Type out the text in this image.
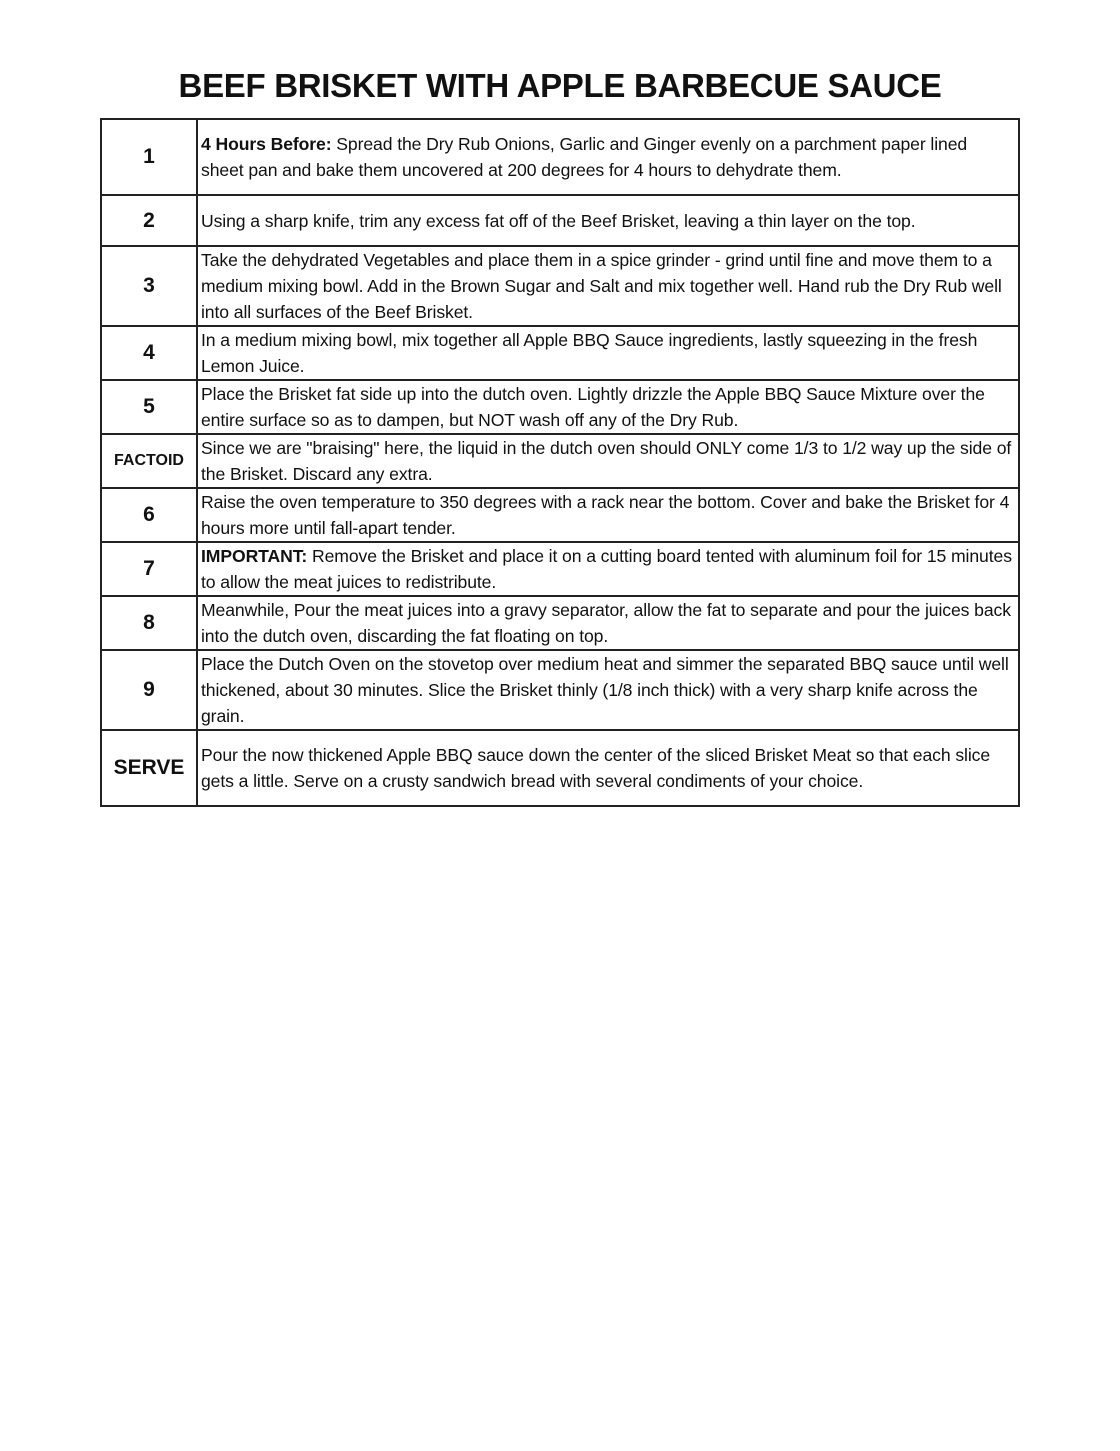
BEEF BRISKET WITH APPLE BARBECUE SAUCE
1	4 Hours Before: Spread the Dry Rub Onions, Garlic and Ginger evenly on a parchment paper lined sheet pan and bake them uncovered at 200 degrees for 4 hours to dehydrate them.
2	Using a sharp knife, trim any excess fat off of the Beef Brisket, leaving a thin layer on the top.
3	Take the dehydrated Vegetables and place them in a spice grinder - grind until fine and move them to a medium mixing bowl. Add in the Brown Sugar and Salt and mix together well. Hand rub the Dry Rub well into all surfaces of the Beef Brisket.
4	In a medium mixing bowl, mix together all Apple BBQ Sauce ingredients, lastly squeezing in the fresh Lemon Juice.
5	Place the Brisket fat side up into the dutch oven. Lightly drizzle the Apple BBQ Sauce Mixture over the entire surface so as to dampen, but NOT wash off any of the Dry Rub.
FACTOID	Since we are "braising" here, the liquid in the dutch oven should ONLY come 1/3 to 1/2 way up the side of the Brisket. Discard any extra.
6	Raise the oven temperature to 350 degrees with a rack near the bottom. Cover and bake the Brisket for 4 hours more until fall-apart tender.
7	IMPORTANT: Remove the Brisket and place it on a cutting board tented with aluminum foil for 15 minutes to allow the meat juices to redistribute.
8	Meanwhile, Pour the meat juices into a gravy separator, allow the fat to separate and pour the juices back into the dutch oven, discarding the fat floating on top.
9	Place the Dutch Oven on the stovetop over medium heat and simmer the separated BBQ sauce until well thickened, about 30 minutes. Slice the Brisket thinly (1/8 inch thick) with a very sharp knife across the grain.
SERVE	Pour the now thickened Apple BBQ sauce down the center of the sliced Brisket Meat so that each slice gets a little. Serve on a crusty sandwich bread with several condiments of your choice.
